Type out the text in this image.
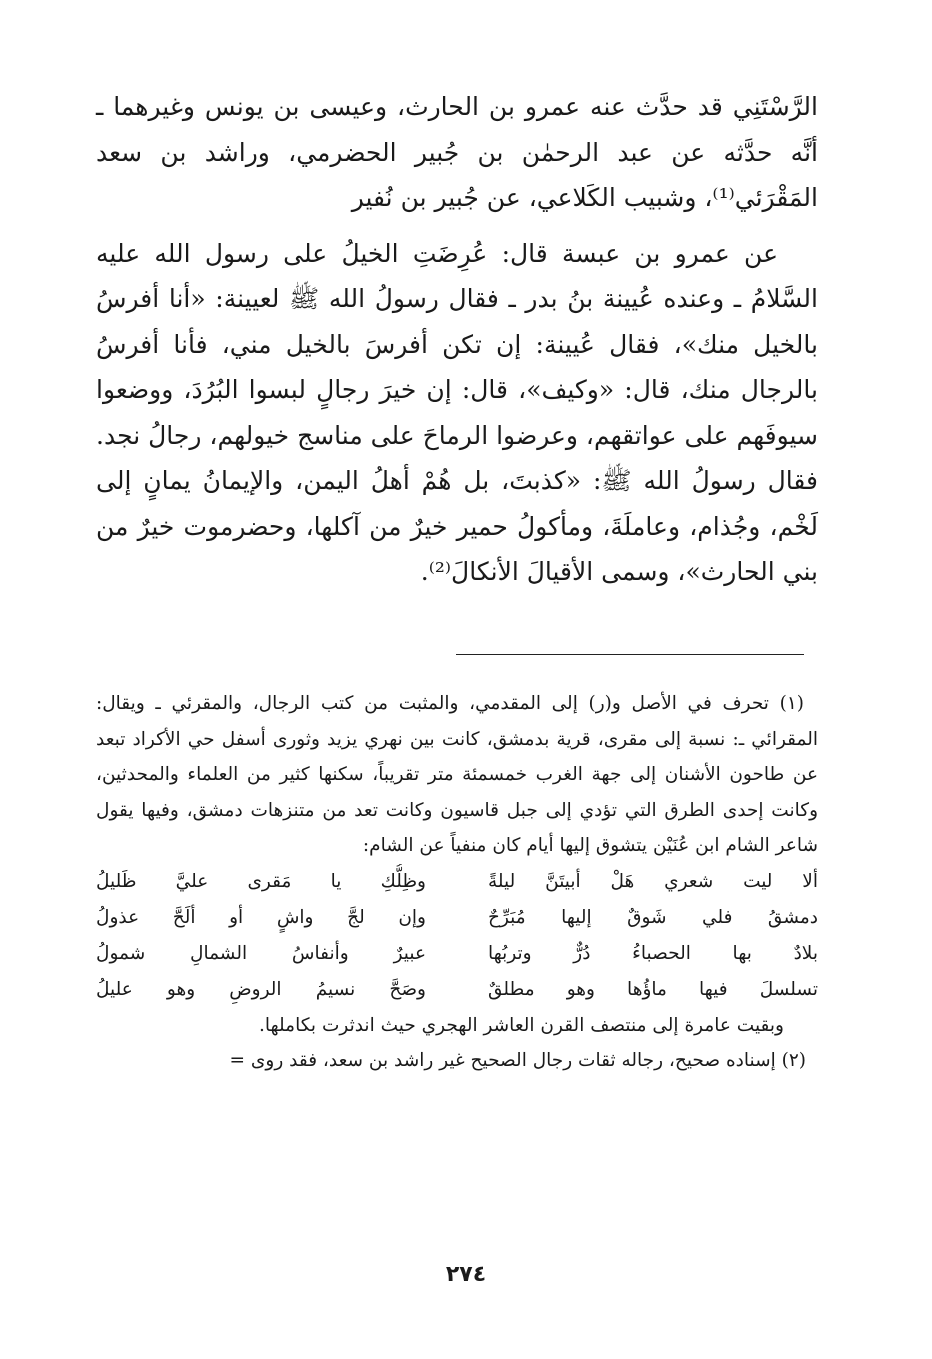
الرَّسْتَنِي قد حدَّث عنه عمرو بن الحارث، وعيسى بن يونس وغيرهما ـ أنَّه حدَّثه عن عبد الرحمٰن بن جُبير الحضرمي، وراشد بن سعد المَقْرَئي⁽¹⁾، وشبيب الكَلاعي، عن جُبير بن نُفير

عن عمرو بن عبسة قال: عُرِضَتِ الخيلُ على رسول الله عليه السَّلامُ ـ وعنده عُيينة بنُ بدر ـ فقال رسولُ الله ﷺ لعيينة: «أنا أفرسُ بالخيل منك»، فقال عُيينة: إن تكن أفرسَ بالخيل مني، فأنا أفرسُ بالرجال منك، قال: «وكيف»، قال: إن خيرَ رجالٍ لبسوا البُرُدَ، ووضعوا سيوفَهم على عواتقهم، وعرضوا الرماحَ على مناسج خيولهم، رجالُ نجد. فقال رسولُ الله ﷺ: «كذبتَ، بل هُمْ أهلُ اليمن، والإيمانُ يمانٍ إلى لَخْم، وجُذام، وعاملَةَ، ومأكولُ حمير خيرٌ من آكلها، وحضرموت خيرٌ من بني الحارث»، وسمى الأقيالَ الأنكالَ⁽²⁾.

(١) تحرف في الأصل و(ر) إلى المقدمي، والمثبت من كتب الرجال، والمقرئي ـ ويقال: المقرائي ـ: نسبة إلى مقرى، قرية بدمشق، كانت بين نهري يزيد وثورى أسفل حي الأكراد تبعد عن طاحون الأشنان إلى جهة الغرب خمسمئة متر تقريباً، سكنها كثير من العلماء والمحدثين، وكانت إحدى الطرق التي تؤدي إلى جبل قاسيون وكانت تعد من متنزهات دمشق، وفيها يقول شاعر الشام ابن عُنَيْن يتشوق إليها أيام كان منفياً عن الشام:

ألا ليت شعري هَلْ أبيتَنَّ ليلةً
وظِلُّكِ يا مَقرى عليَّ ظَليلُ
دمشقُ فلي شَوقٌ إليها مُبَرِّحٌ
وإن لجَّ واشٍ أو ألَحَّ عذولُ
بلادٌ بها الحصباءُ دُرٌّ وتربُها
عبيرٌ وأنفاسُ الشمالِ شمولُ
تسلسلَ فيها ماؤُها وهو مطلقٌ
وصَحَّ نسيمُ الروضِ وهو عليلُ

وبقيت عامرة إلى منتصف القرن العاشر الهجري حيث اندثرت بكاملها.

(٢) إسناده صحيح، رجاله ثقات رجال الصحيح غير راشد بن سعد، فقد روى =

٢٧٤
